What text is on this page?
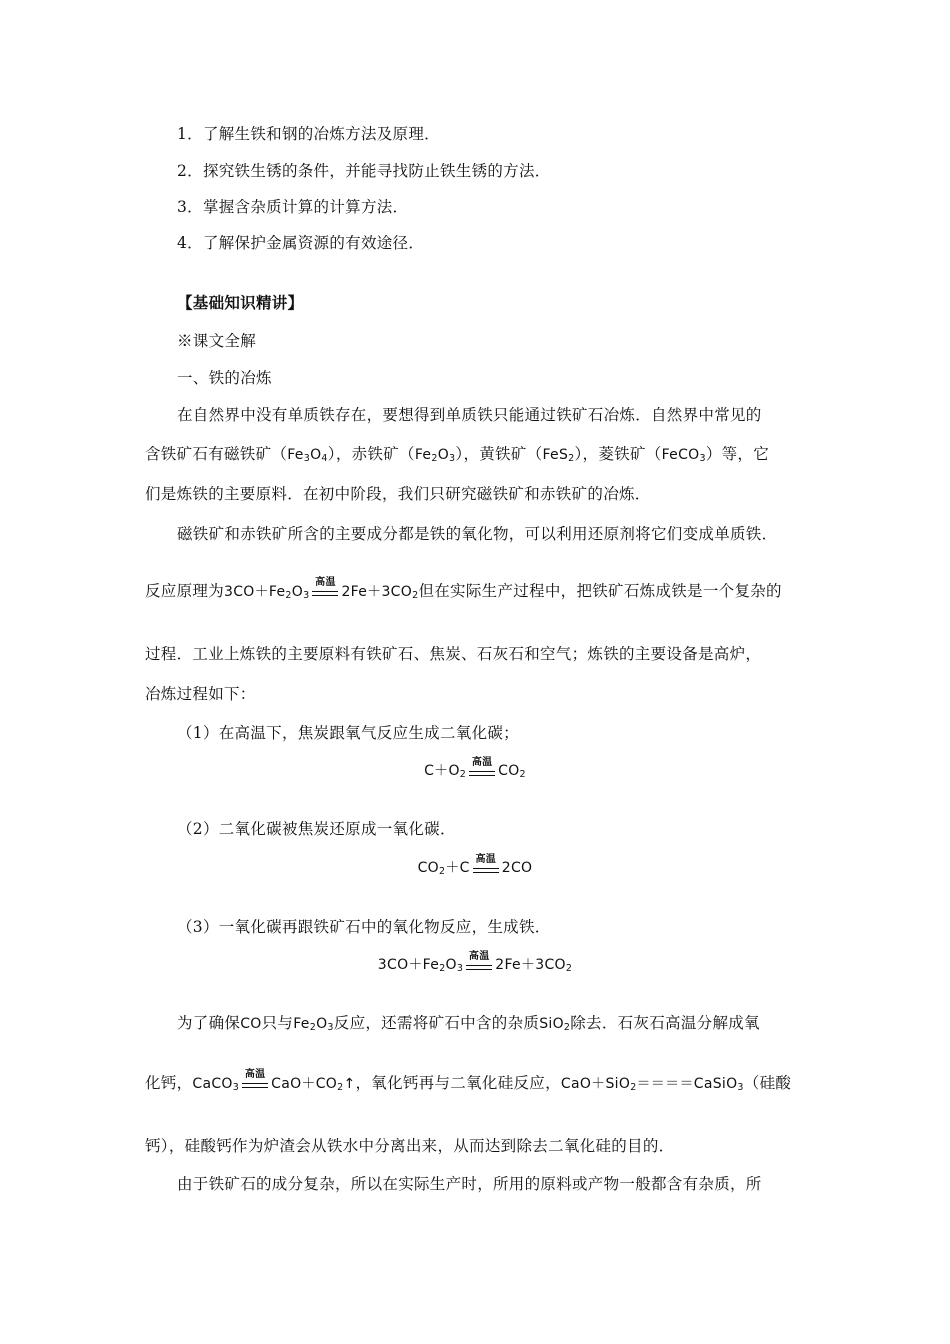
1．了解生铁和钢的冶炼方法及原理．
2．探究铁生锈的条件，并能寻找防止铁生锈的方法．
3．掌握含杂质计算的计算方法．
4．了解保护金属资源的有效途径．
【基础知识精讲】
※课文全解
一、铁的冶炼
在自然界中没有单质铁存在，要想得到单质铁只能通过铁矿石冶炼．自然界中常见的
含铁矿石有磁铁矿$(Fe_3O_4)$，赤铁矿$(Fe_2O_3)$，黄铁矿（FeS$_2$），菱铁矿（FeCO$_3$）等，它
们是炼铁的主要原料．在初中阶段，我们只研究磁铁矿和赤铁矿的冶炼．
磁铁矿和赤铁矿所含的主要成分都是铁的氧化物，可以利用还原剂将它们变成单质铁．
反应原理为$3CO+Fe_2O_3$
高温
$2Fe+3CO_2$但在实际生产过程中，把铁矿石炼成铁是一个复杂的
过程．工业上炼铁的主要原料有铁矿石、焦炭、石灰石和空气；炼铁的主要设备是高炉，
冶炼过程如下：
（1）在高温下，焦炭跟氧气反应生成二氧化碳；
$C+O_2$
高温
$CO_2$
（2）二氧化碳被焦炭还原成一氧化碳．
$CO_2+C$
高温
2CO
（3）一氧化碳再跟铁矿石中的氧化物反应，生成铁．
$3CO+Fe_2O_3$
高温
$2Fe+3CO_2$
为了确保CO只与$Fe_2O_3$反应，还需将矿石中含的杂质SiO$_2$除去．石灰石高温分解成氧
化钙，CaCO$_3$
高温
$CaO+CO_2↑$，氧化钙再与二氧化硅反应，CaO＋SiO$_2$＝＝＝＝CaSiO$_3$（硅酸
钙），硅酸钙作为炉渣会从铁水中分离出来，从而达到除去二氧化硅的目的．
由于铁矿石的成分复杂，所以在实际生产时，所用的原料或产物一般都含有杂质，所
